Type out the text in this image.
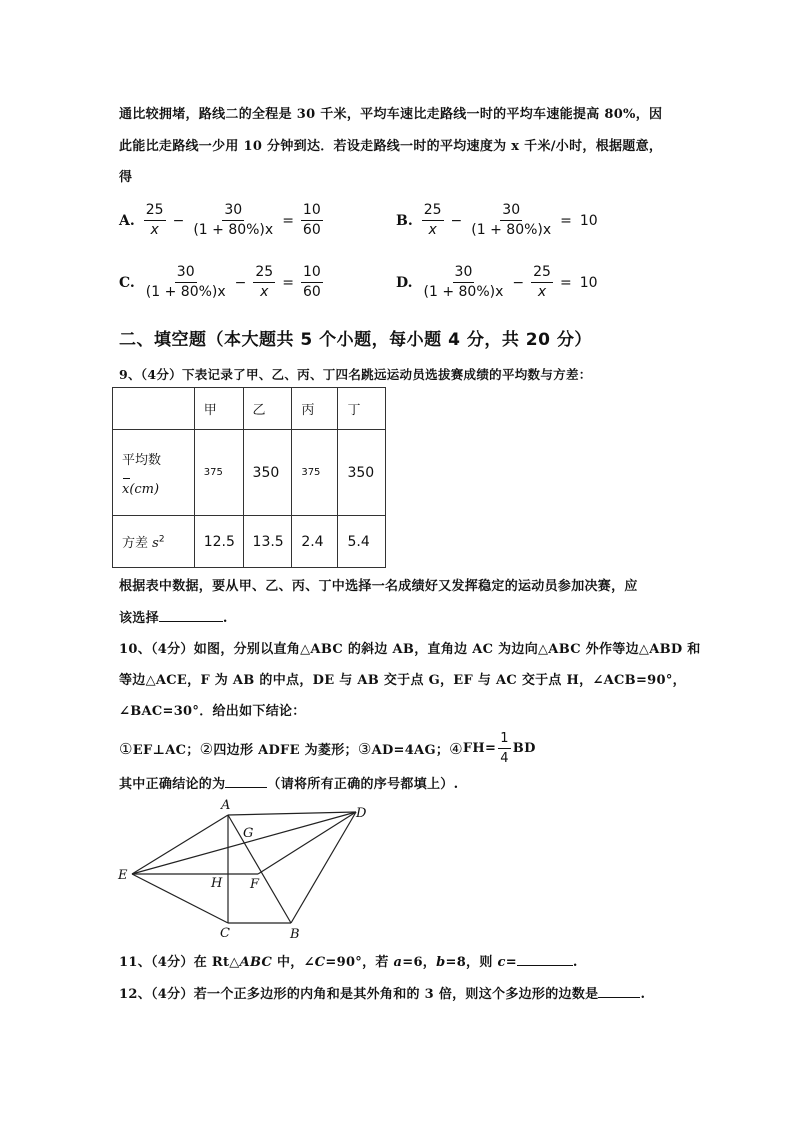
通比较拥堵，路线二的全程是 30 千米，平均车速比走路线一时的平均车速能提高 80%，因
此能比走路线一少用 10 分钟到达．若设走路线一时的平均速度为 x 千米/小时，根据题意，
得
A. $\frac{25}{x} - \frac{30}{(1 + 80\%)x} = \frac{10}{60}$	B. $\frac{25}{x} - \frac{30}{(1 + 80\%)x} = 10$
C. $\frac{30}{(1 + 80\%)x} - \frac{25}{x} = \frac{10}{60}$	D. $\frac{30}{(1 + 80\%)x} - \frac{25}{x} = 10$
二、填空题（本大题共 5 个小题，每小题 4 分，共 20 分）
9、（4分）下表记录了甲、乙、丙、丁四名跳远运动员选拔赛成绩的平均数与方差：
	甲	乙	丙	丁

平均数
x(cm)	375	350	375	350
方差 $s^2$	12.5	13.5	2.4	5.4
根据表中数据，要从甲、乙、丙、丁中选择一名成绩好又发挥稳定的运动员参加决赛，应
该选择	.
10、（4分）如图，分别以直角△ABC 的斜边 AB，直角边 AC 为边向△ABC 外作等边△ABD 和
等边△ACE，F 为 AB 的中点，DE 与 AB 交于点 G，EF 与 AC 交于点 H，∠ACB=90°，
∠BAC=30°．给出如下结论：
① EF⊥AC； ② 四边形 ADFE 为菱形； ③ AD=4AG； ④ $FH= \frac{1}{4}$ BD
其中正确结论的为	（请将所有正确的序号都填上）.
A
D
G
E
H F
C	B
11、（4分）在 Rt△ABC 中，∠C=90°，若 a=6，b=8，则 c=	.
12、（4分）若一个正多边形的内角和是其外角和的 3 倍，则这个多边形的边数是	.
